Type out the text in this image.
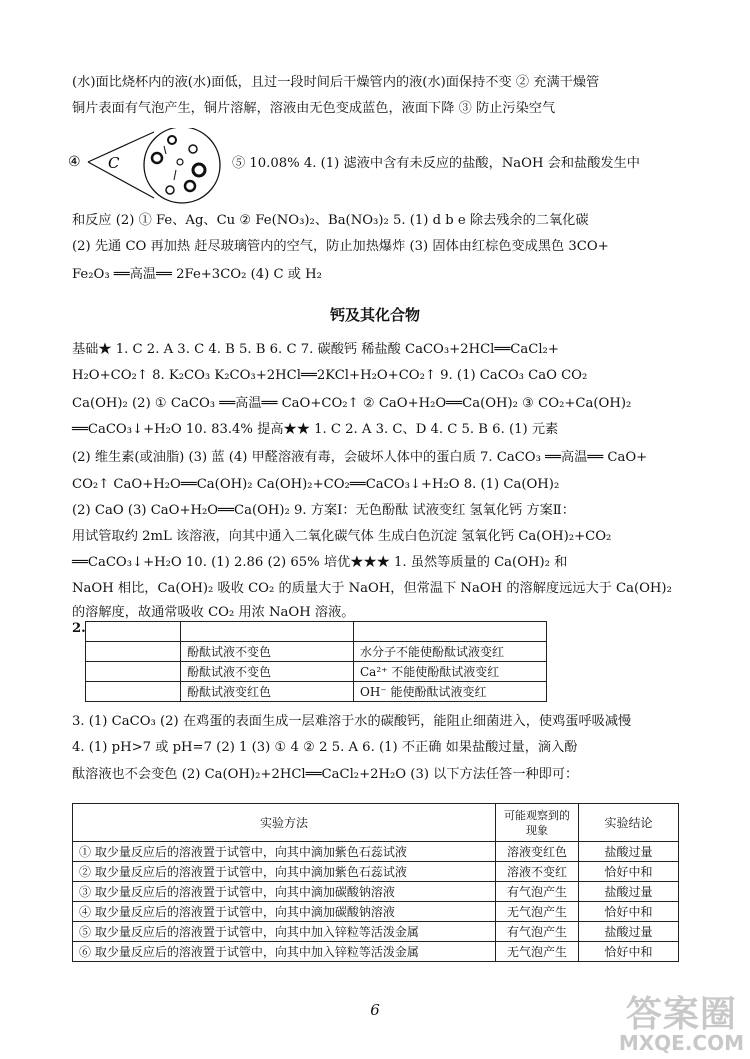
(水)面比烧杯内的液(水)面低，且过一段时间后干燥管内的液(水)面保持不变 ② 充满干燥管
铜片表面有气泡产生，铜片溶解，溶液由无色变成蓝色，液面下降 ③ 防止污染空气
④ C	⑤ 10.08% 4. (1) 滤液中含有未反应的盐酸，NaOH 会和盐酸发生中
和反应 (2) ① Fe、Ag、Cu ② Fe(NO₃)₂、Ba(NO₃)₂ 5. (1) d b e 除去残余的二氧化碳
(2) 先通 CO 再加热 赶尽玻璃管内的空气，防止加热爆炸 (3) 固体由红棕色变成黑色 3CO+
Fe₂O₃ ══高温══ 2Fe+3CO₂ (4) C 或 H₂
钙及其化合物
基础★ 1. C 2. A 3. C 4. B 5. B 6. C 7. 碳酸钙 稀盐酸 CaCO₃+2HCl══CaCl₂+
H₂O+CO₂↑ 8. K₂CO₃ K₂CO₃+2HCl══2KCl+H₂O+CO₂↑ 9. (1) CaCO₃ CaO CO₂
Ca(OH)₂ (2) ① CaCO₃ ══高温══ CaO+CO₂↑ ② CaO+H₂O══Ca(OH)₂ ③ CO₂+Ca(OH)₂
══CaCO₃↓+H₂O 10. 83.4% 提高★★ 1. C 2. A 3. C、D 4. C 5. B 6. (1) 元素
(2) 维生素(或油脂) (3) 蓝 (4) 甲醛溶液有毒，会破坏人体中的蛋白质 7. CaCO₃ ══高温══ CaO+
CO₂↑ CaO+H₂O══Ca(OH)₂ Ca(OH)₂+CO₂══CaCO₃↓+H₂O 8. (1) Ca(OH)₂
(2) CaO (3) CaO+H₂O══Ca(OH)₂ 9. 方案Ⅰ：无色酚酞 试液变红 氢氧化钙 方案Ⅱ：
用试管取约 2mL 该溶液，向其中通入二氧化碳气体 生成白色沉淀 氢氧化钙 Ca(OH)₂+CO₂
══CaCO₃↓+H₂O 10. (1) 2.86 (2) 65% 培优★★★ 1. 虽然等质量的 Ca(OH)₂ 和
NaOH 相比，Ca(OH)₂ 吸收 CO₂ 的质量大于 NaOH，但常温下 NaOH 的溶解度远远大于 Ca(OH)₂
的溶解度，故通常吸收 CO₂ 用浓 NaOH 溶液。
2.

	酚酞试液不变色	水分子不能使酚酞试液变红
	酚酞试液不变色	Ca²⁺ 不能使酚酞试液变红
	酚酞试液变红色	OH⁻ 能使酚酞试液变红
3. (1) CaCO₃ (2) 在鸡蛋的表面生成一层难溶于水的碳酸钙，能阻止细菌进入，使鸡蛋呼吸减慢
4. (1) pH>7 或 pH=7 (2) 1 (3) ① 4 ② 2 5. A 6. (1) 不正确 如果盐酸过量，滴入酚
酞溶液也不会变色 (2) Ca(OH)₂+2HCl══CaCl₂+2H₂O (3) 以下方法任答一种即可：
实验方法	可能观察到的现象	实验结论
① 取少量反应后的溶液置于试管中，向其中滴加紫色石蕊试液	溶液变红色	盐酸过量
② 取少量反应后的溶液置于试管中，向其中滴加紫色石蕊试液	溶液不变红	恰好中和
③ 取少量反应后的溶液置于试管中，向其中滴加碳酸钠溶液	有气泡产生	盐酸过量
④ 取少量反应后的溶液置于试管中，向其中滴加碳酸钠溶液	无气泡产生	恰好中和
⑤ 取少量反应后的溶液置于试管中，向其中加入锌粒等活泼金属	有气泡产生	盐酸过量
⑥ 取少量反应后的溶液置于试管中，向其中加入锌粒等活泼金属	无气泡产生	恰好中和
6	答案圈
MXQE.COM
